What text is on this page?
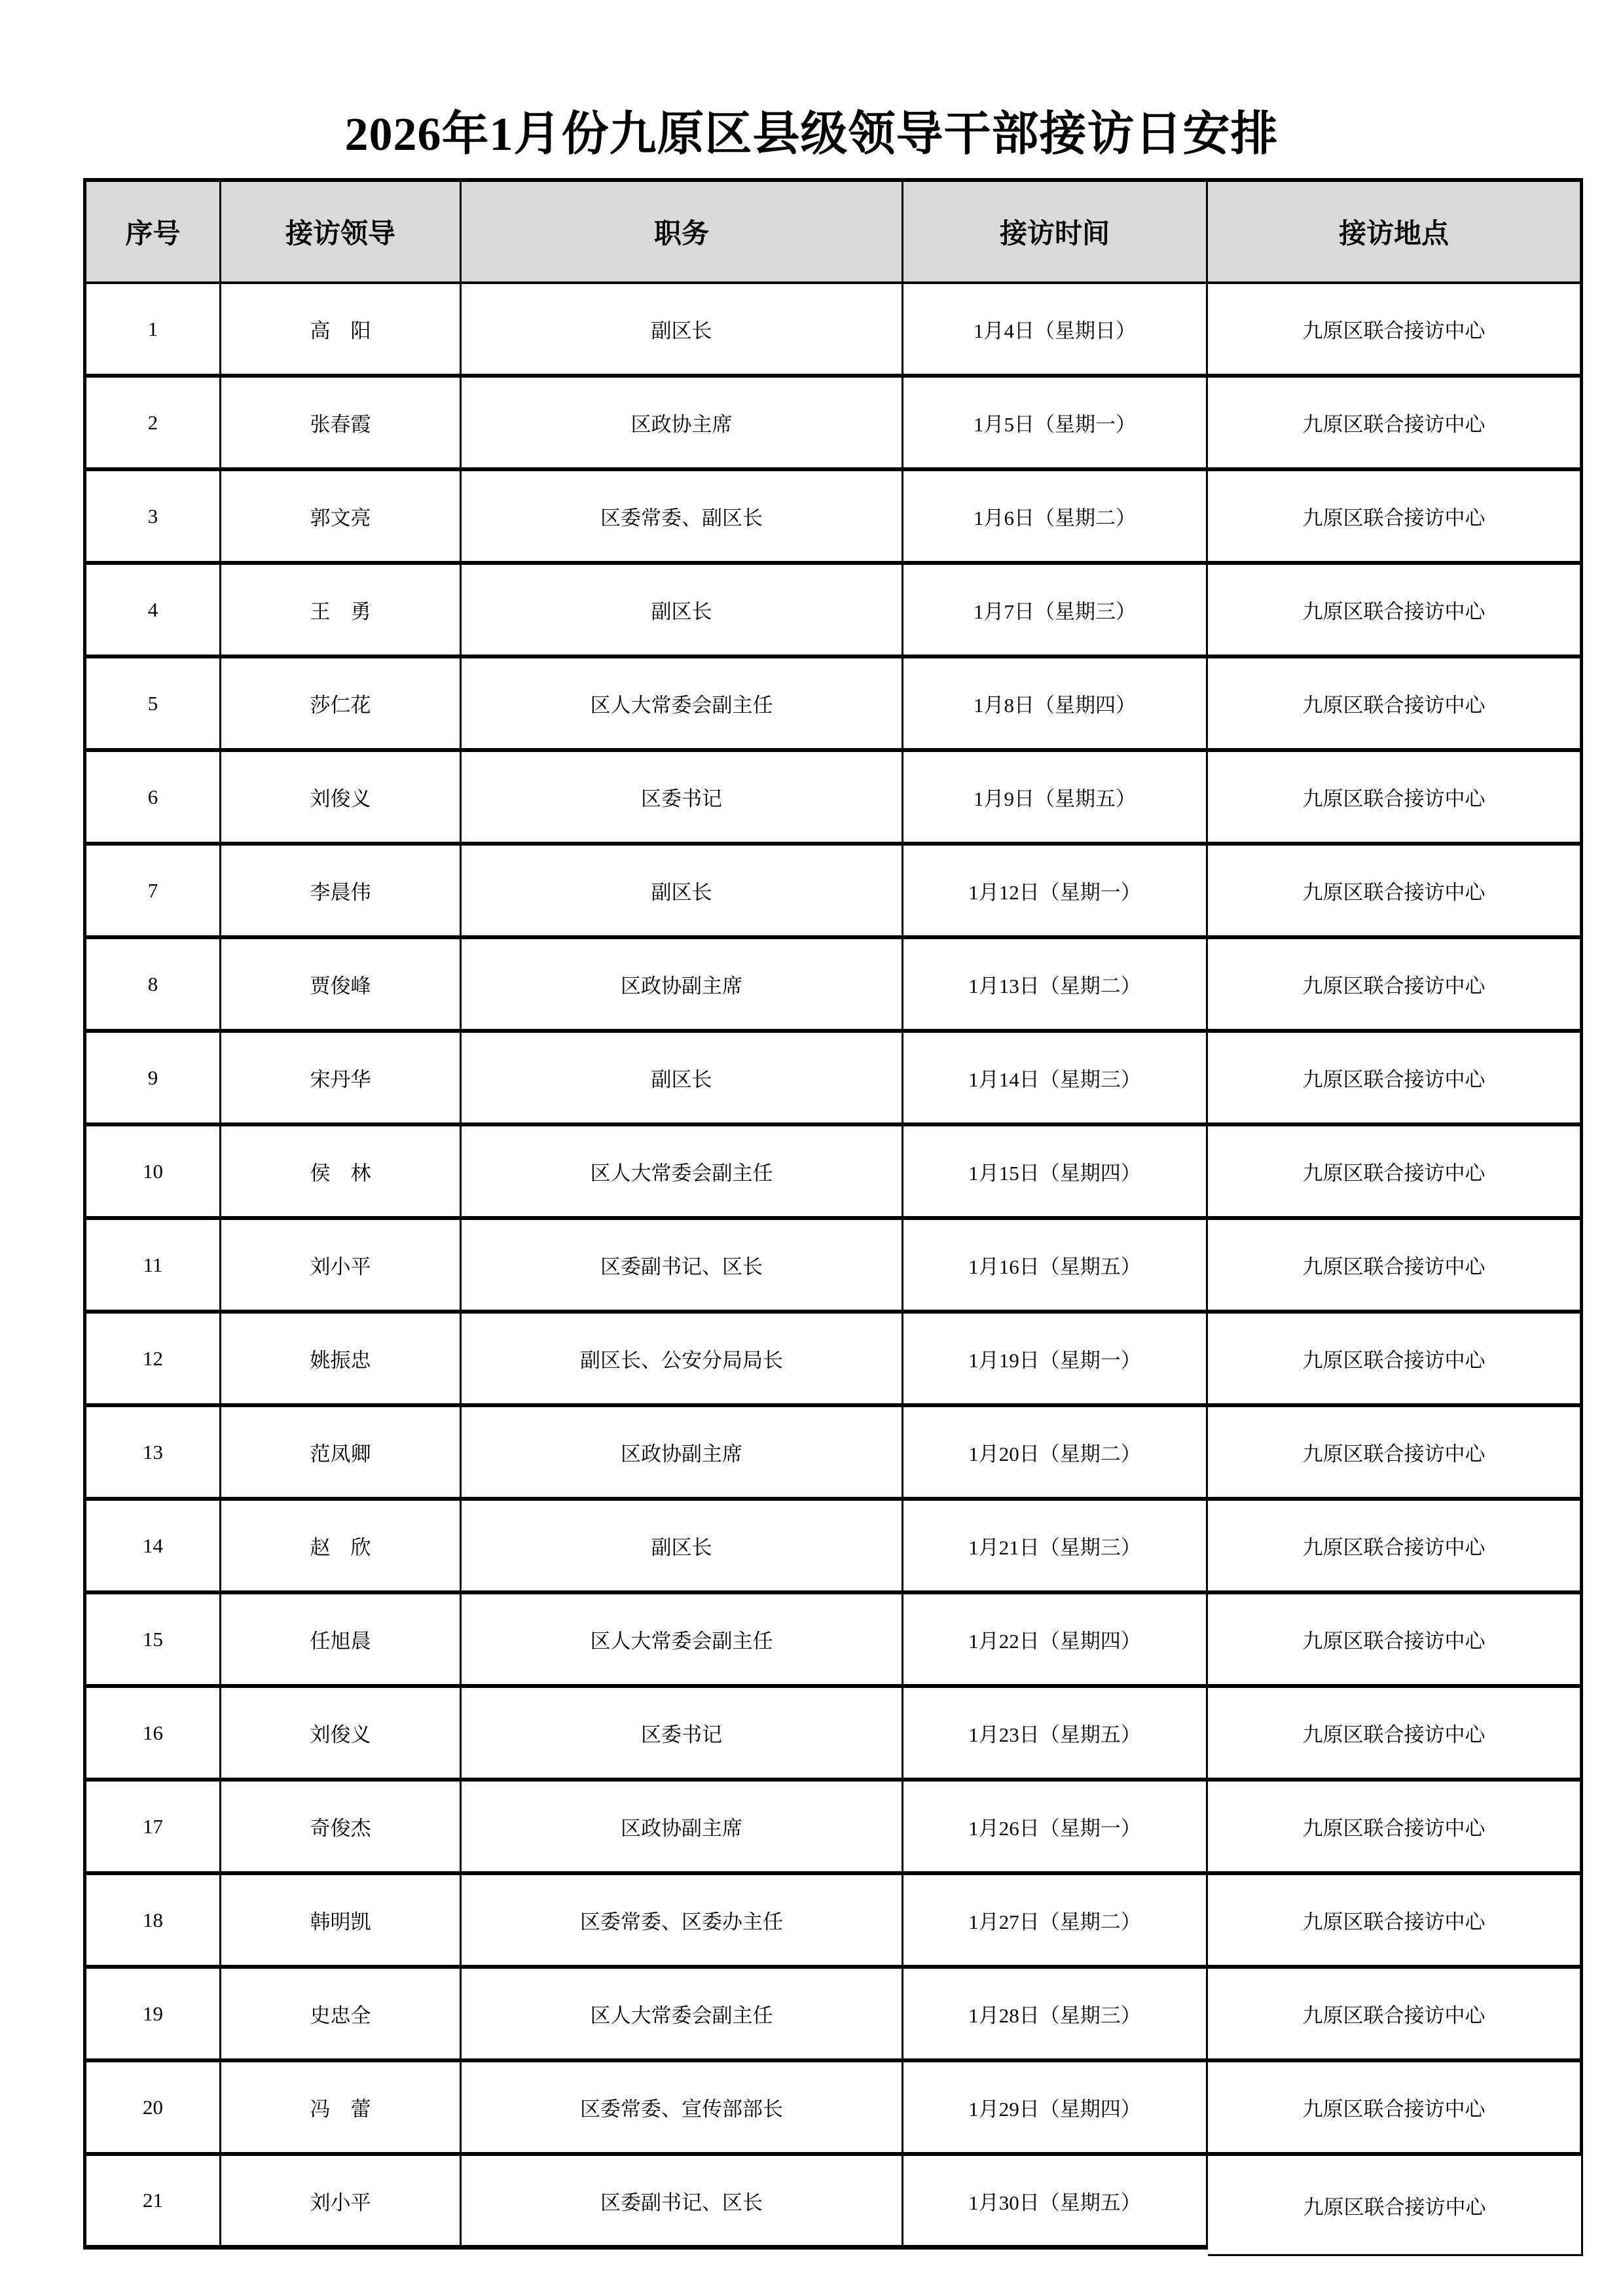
2026年1月份九原区县级领导干部接访日安排
序号	接访领导	职务	接访时间	接访地点
1	高　阳	副区长	1月4日（星期日）	九原区联合接访中心
2	张春霞	区政协主席	1月5日（星期一）	九原区联合接访中心
3	郭文亮	区委常委、副区长	1月6日（星期二）	九原区联合接访中心
4	王　勇	副区长	1月7日（星期三）	九原区联合接访中心
5	莎仁花	区人大常委会副主任	1月8日（星期四）	九原区联合接访中心
6	刘俊义	区委书记	1月9日（星期五）	九原区联合接访中心
7	李晨伟	副区长	1月12日（星期一）	九原区联合接访中心
8	贾俊峰	区政协副主席	1月13日（星期二）	九原区联合接访中心
9	宋丹华	副区长	1月14日（星期三）	九原区联合接访中心
10	侯　林	区人大常委会副主任	1月15日（星期四）	九原区联合接访中心
11	刘小平	区委副书记、区长	1月16日（星期五）	九原区联合接访中心
12	姚振忠	副区长、公安分局局长	1月19日（星期一）	九原区联合接访中心
13	范凤卿	区政协副主席	1月20日（星期二）	九原区联合接访中心
14	赵　欣	副区长	1月21日（星期三）	九原区联合接访中心
15	任旭晨	区人大常委会副主任	1月22日（星期四）	九原区联合接访中心
16	刘俊义	区委书记	1月23日（星期五）	九原区联合接访中心
17	奇俊杰	区政协副主席	1月26日（星期一）	九原区联合接访中心
18	韩明凯	区委常委、区委办主任	1月27日（星期二）	九原区联合接访中心
19	史忠全	区人大常委会副主任	1月28日（星期三）	九原区联合接访中心
20	冯　蕾	区委常委、宣传部部长	1月29日（星期四）	九原区联合接访中心
21	刘小平	区委副书记、区长	1月30日（星期五）	九原区联合接访中心
